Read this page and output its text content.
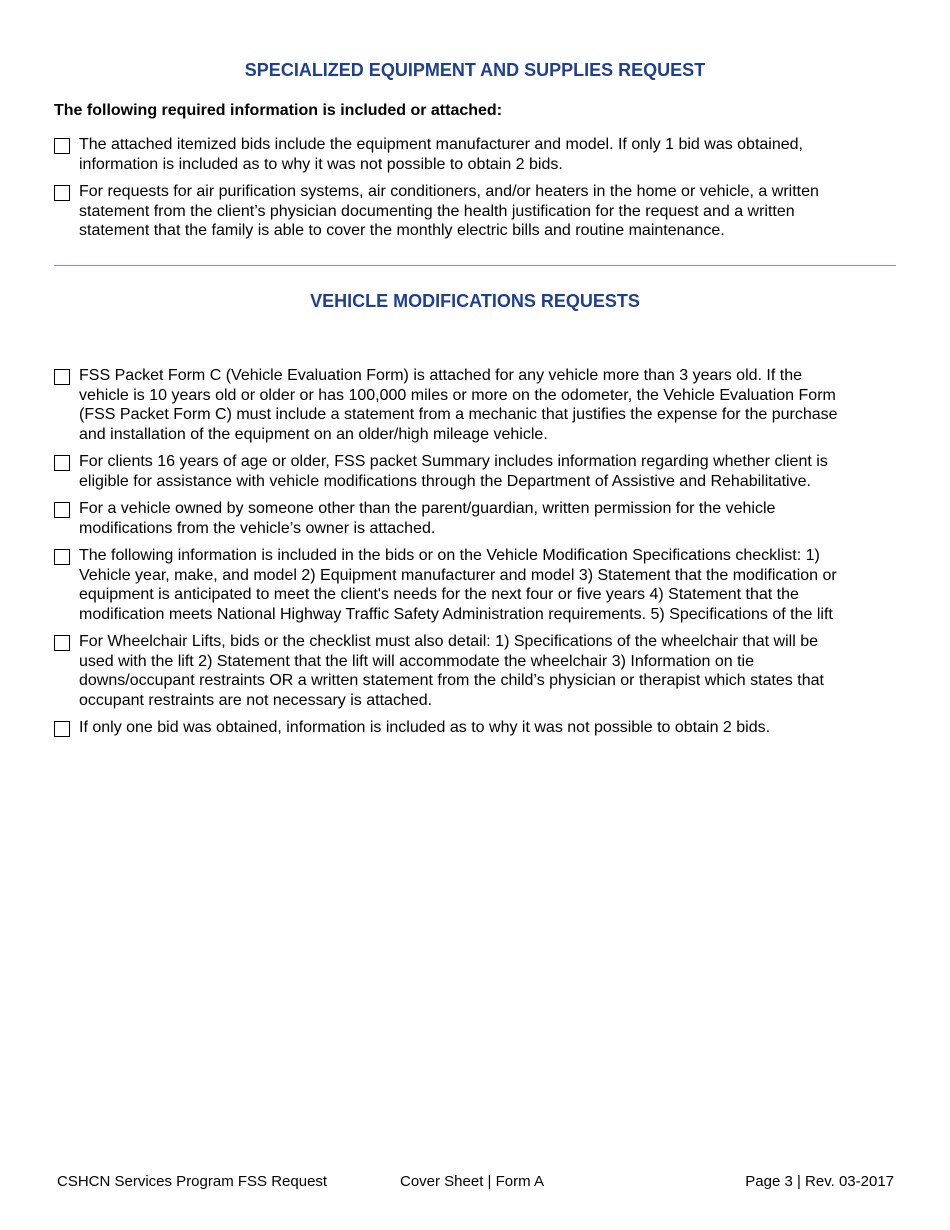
SPECIALIZED EQUIPMENT AND SUPPLIES REQUEST
The following required information is included or attached:
The attached itemized bids include the equipment manufacturer and model. If only 1 bid was obtained, information is included as to why it was not possible to obtain 2 bids.
For requests for air purification systems, air conditioners, and/or heaters in the home or vehicle, a written statement from the client’s physician documenting the health justification for the request and a written statement that the family is able to cover the monthly electric bills and routine maintenance.
VEHICLE MODIFICATIONS REQUESTS
FSS Packet Form C (Vehicle Evaluation Form) is attached for any vehicle more than 3 years old. If the vehicle is 10 years old or older or has 100,000 miles or more on the odometer, the Vehicle Evaluation Form (FSS Packet Form C) must include a statement from a mechanic that justifies the expense for the purchase and installation of the equipment on an older/high mileage vehicle.
For clients 16 years of age or older, FSS packet Summary includes information regarding whether client is eligible for assistance with vehicle modifications through the Department of Assistive and Rehabilitative.
For a vehicle owned by someone other than the parent/guardian, written permission for the vehicle modifications from the vehicle’s owner is attached.
The following information is included in the bids or on the Vehicle Modification Specifications checklist: 1) Vehicle year, make, and model 2) Equipment manufacturer and model 3) Statement that the modification or equipment is anticipated to meet the client's needs for the next four or five years 4) Statement that the modification meets National Highway Traffic Safety Administration requirements. 5) Specifications of the lift
For Wheelchair Lifts, bids or the checklist must also detail: 1) Specifications of the wheelchair that will be used with the lift 2) Statement that the lift will accommodate the wheelchair 3) Information on tie downs/occupant restraints OR a written statement from the child’s physician or therapist which states that occupant restraints are not necessary is attached.
If only one bid was obtained, information is included as to why it was not possible to obtain 2 bids.
CSHCN Services Program FSS Request	Cover Sheet | Form A	Page 3 | Rev. 03-2017
